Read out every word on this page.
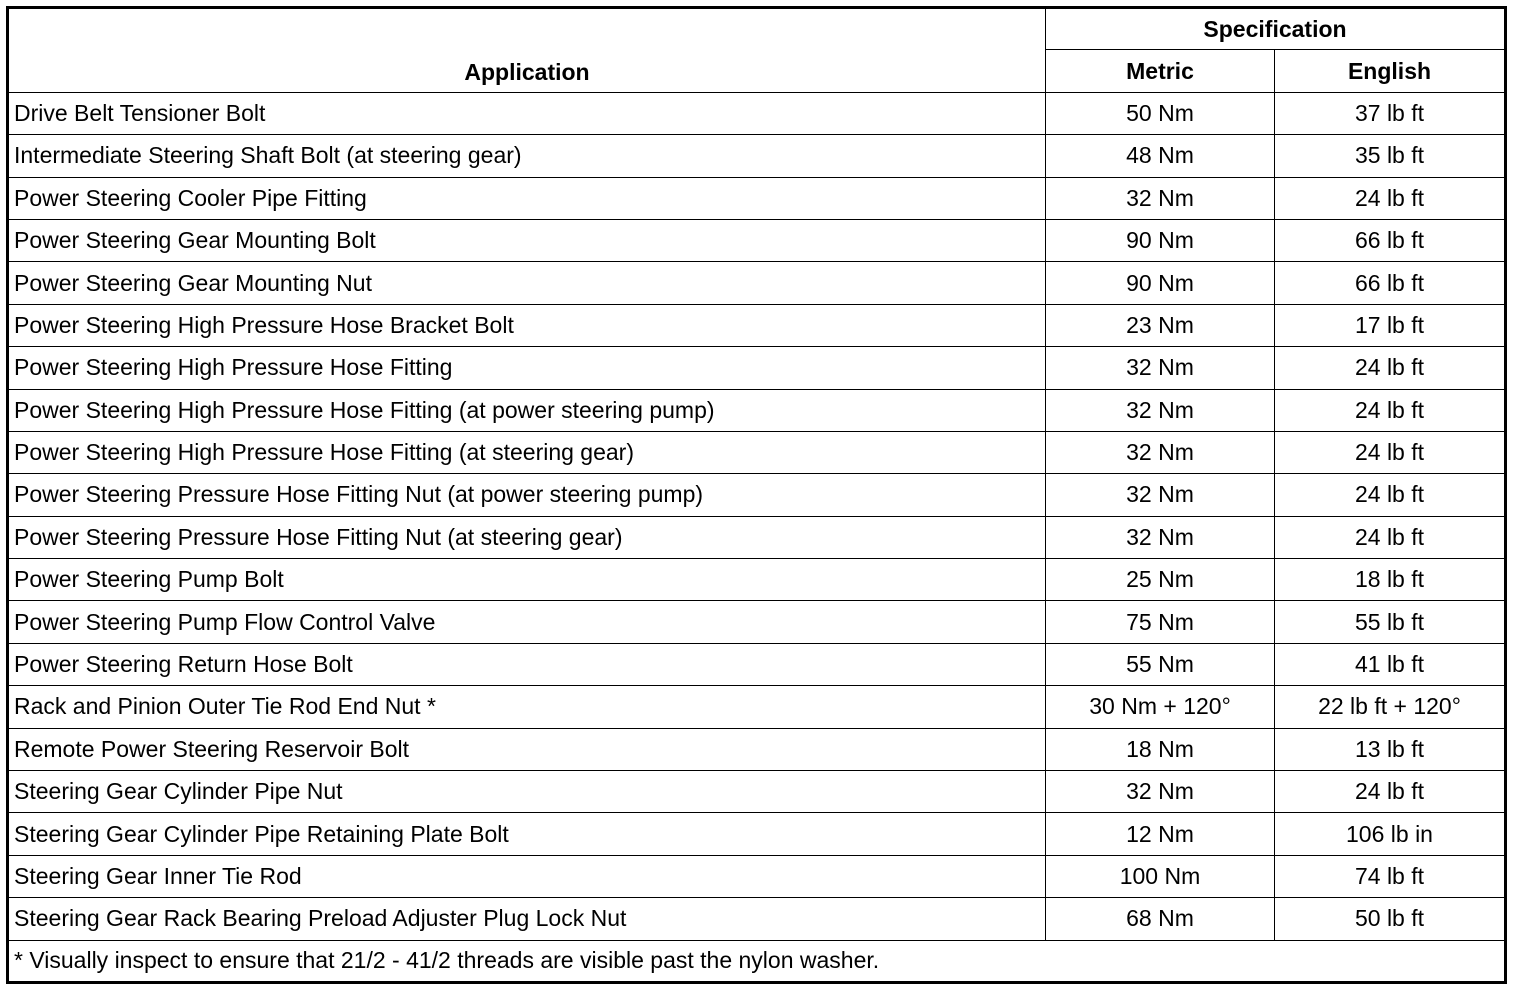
Application	Specification	
	Metric	English
Drive Belt Tensioner Bolt	50 Nm	37 lb ft
Intermediate Steering Shaft Bolt (at steering gear)	48 Nm	35 lb ft
Power Steering Cooler Pipe Fitting	32 Nm	24 lb ft
Power Steering Gear Mounting Bolt	90 Nm	66 lb ft
Power Steering Gear Mounting Nut	90 Nm	66 lb ft
Power Steering High Pressure Hose Bracket Bolt	23 Nm	17 lb ft
Power Steering High Pressure Hose Fitting	32 Nm	24 lb ft
Power Steering High Pressure Hose Fitting (at power steering pump)	32 Nm	24 lb ft
Power Steering High Pressure Hose Fitting (at steering gear)	32 Nm	24 lb ft
Power Steering Pressure Hose Fitting Nut (at power steering pump)	32 Nm	24 lb ft
Power Steering Pressure Hose Fitting Nut (at steering gear)	32 Nm	24 lb ft
Power Steering Pump Bolt	25 Nm	18 lb ft
Power Steering Pump Flow Control Valve	75 Nm	55 lb ft
Power Steering Return Hose Bolt	55 Nm	41 lb ft
Rack and Pinion Outer Tie Rod End Nut *	30 Nm + 120°	22 lb ft + 120°
Remote Power Steering Reservoir Bolt	18 Nm	13 lb ft
Steering Gear Cylinder Pipe Nut	32 Nm	24 lb ft
Steering Gear Cylinder Pipe Retaining Plate Bolt	12 Nm	106 lb in
Steering Gear Inner Tie Rod	100 Nm	74 lb ft
Steering Gear Rack Bearing Preload Adjuster Plug Lock Nut	68 Nm	50 lb ft
* Visually inspect to ensure that 21/2 - 41/2 threads are visible past the nylon washer.		
